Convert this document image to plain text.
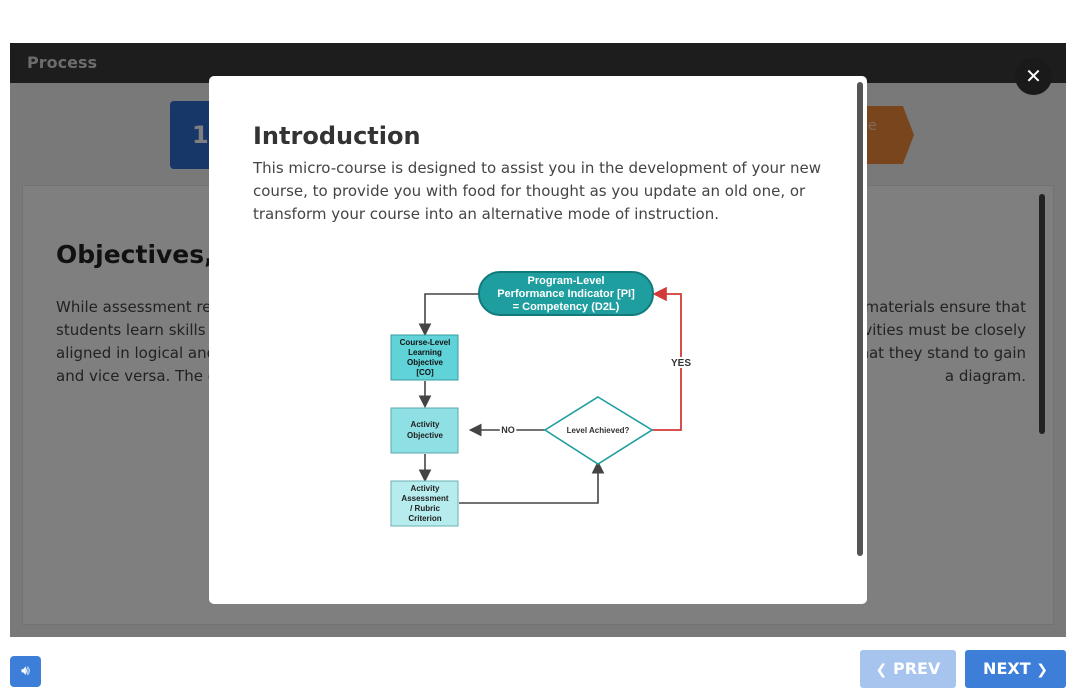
Introduction
This micro-course is designed to assist you in the development of your new course, to provide you with food for thought as you update an old one, or transform your course into an alternative mode of instruction.
Program-Level
Performance Indicator [PI]
= Competency (D2L)
Course-Level
Learning
Objective
[CO]
Activity
Objective
Activity
Assessment
/ Rubric
Criterion
Level Achieved?
YES
NO
✕
🔊︎	❮ PREV	NEXT ❯
